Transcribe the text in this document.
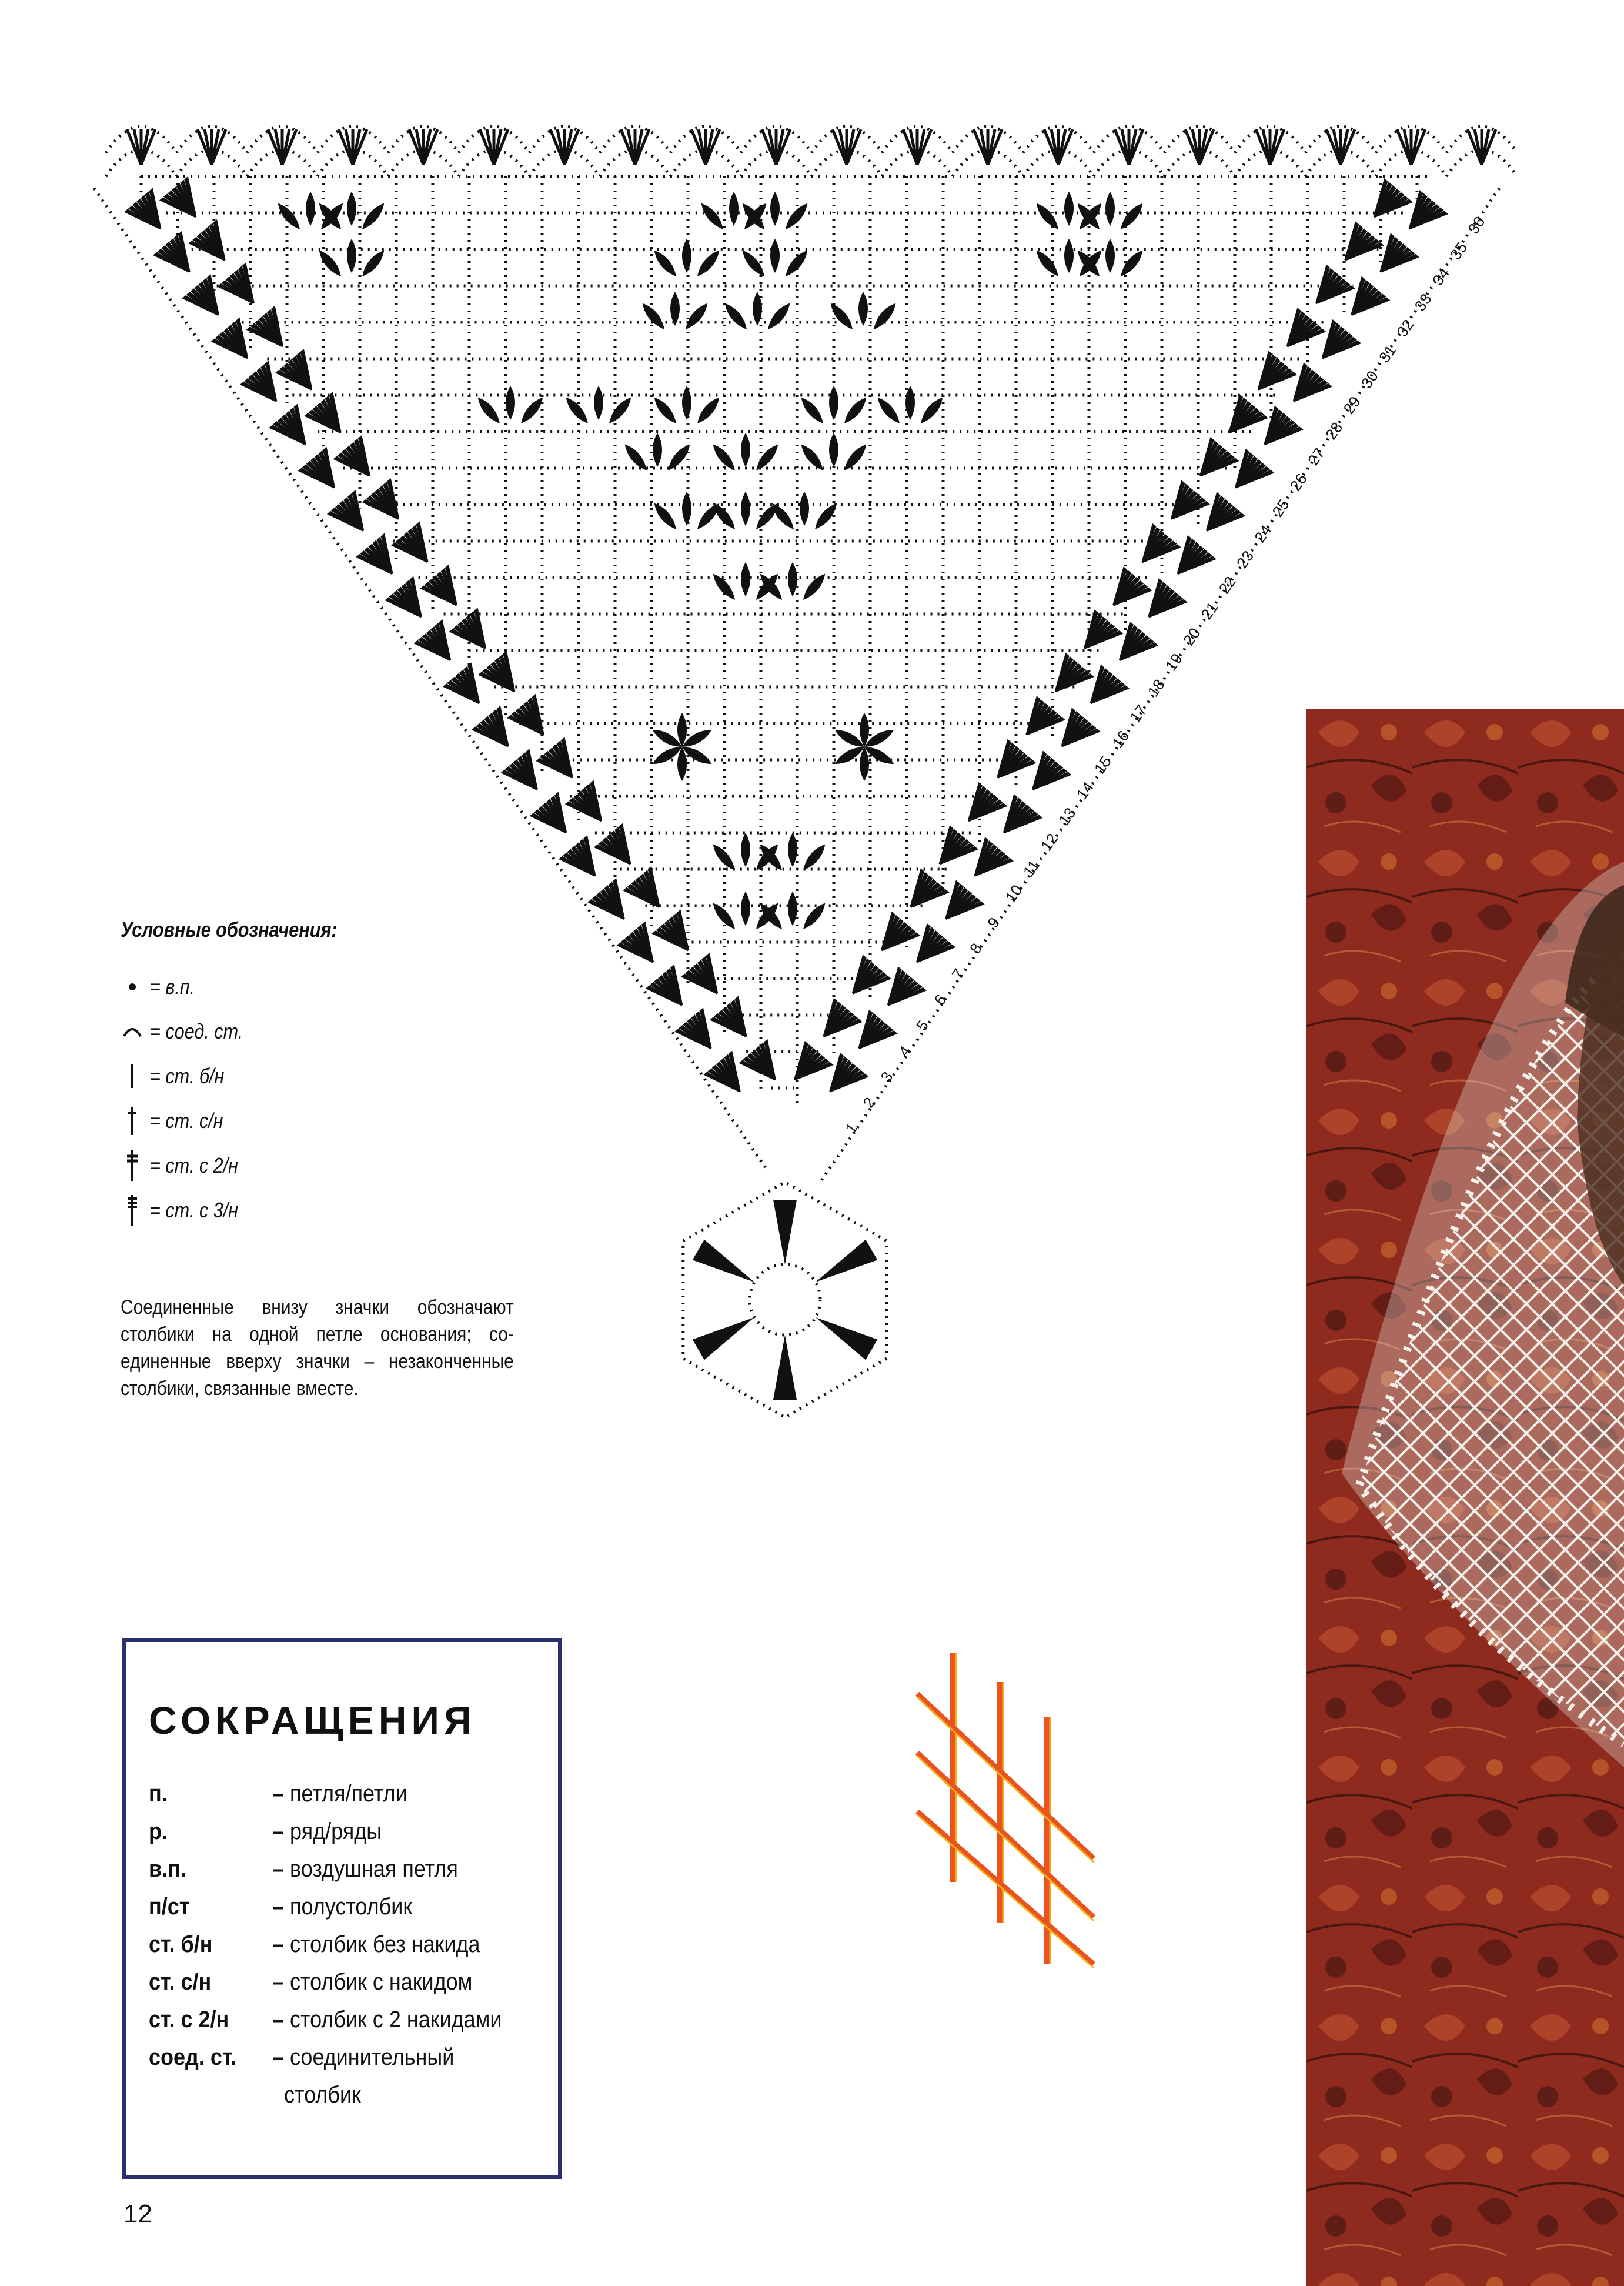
1
2
3
4
5
6
7
8
9
10
11
12
13
14
15
16
17
18
19
20
21
22
23
24
25
26
27
28
29
30
31
32
33
34
35
36
Условные обозначения:
= в.п.
= соед. ст.
= ст. б/н
= ст. с/н
= ст. с 2/н
= ст. с 3/н
Соединенные внизу значки обозначают столбики на одной петле основания; со-единенные вверху значки – незаконченные столбики, связанные вместе.
СОКРАЩЕНИЯ
п.	– петля/петли
р.	– ряд/ряды
в.п.	– воздушная петля
п/ст	– полустолбик
ст. б/н	– столбик без накида
ст. с/н	– столбик с накидом
ст. с 2/н	– столбик с 2 накидами
соед. ст.	– соединительный
столбик
12
